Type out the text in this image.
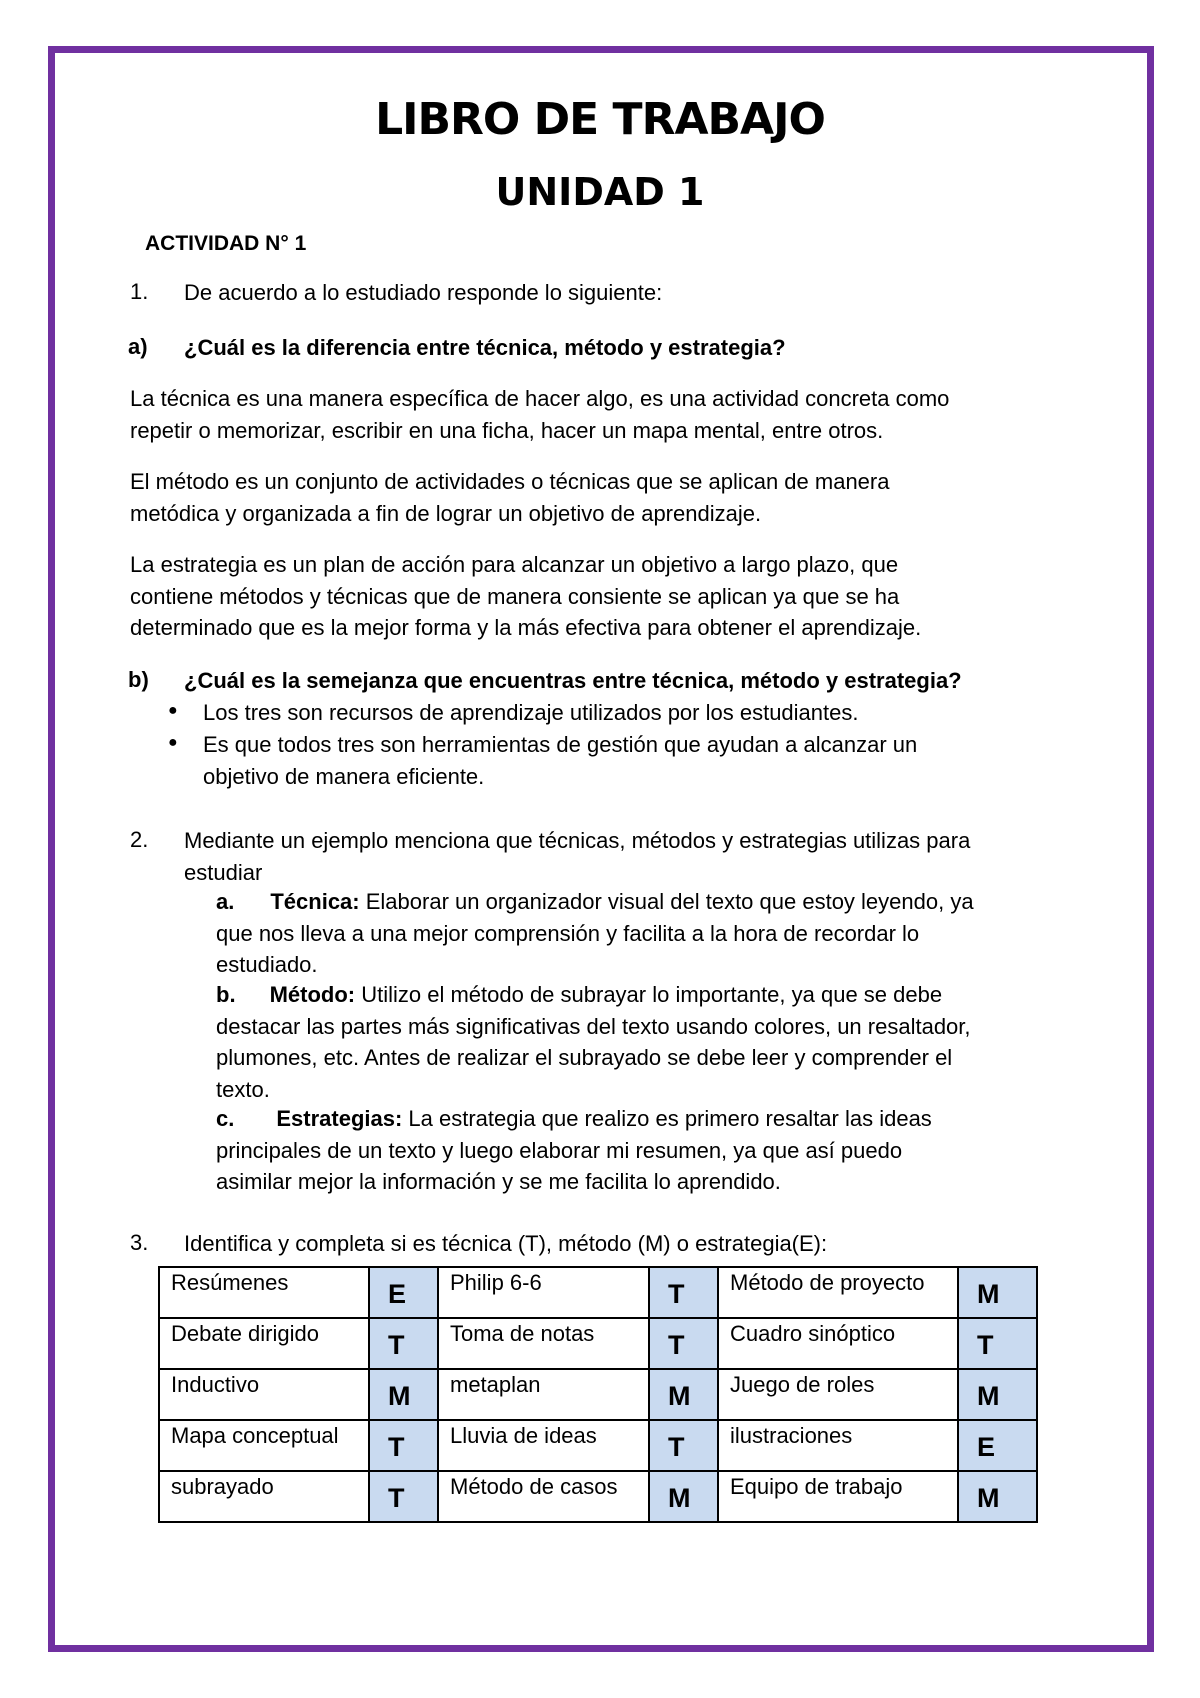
LIBRO DE TRABAJO
UNIDAD 1
ACTIVIDAD N° 1
1. De acuerdo a lo estudiado responde lo siguiente:
a) ¿Cuál es la diferencia entre técnica, método y estrategia?
La técnica es una manera específica de hacer algo, es una actividad concreta como
repetir o memorizar, escribir en una ficha, hacer un mapa mental, entre otros.
El método es un conjunto de actividades o técnicas que se aplican de manera
metódica y organizada a fin de lograr un objetivo de aprendizaje.
La estrategia es un plan de acción para alcanzar un objetivo a largo plazo, que
contiene métodos y técnicas que de manera consiente se aplican ya que se ha
determinado que es la mejor forma y la más efectiva para obtener el aprendizaje.
b) ¿Cuál es la semejanza que encuentras entre técnica, método y estrategia?
● Los tres son recursos de aprendizaje utilizados por los estudiantes.
● Es que todos tres son herramientas de gestión que ayudan a alcanzar un
objetivo de manera eficiente.
2. Mediante un ejemplo menciona que técnicas, métodos y estrategias utilizas para
estudiar
a. Técnica: Elaborar un organizador visual del texto que estoy leyendo, ya
que nos lleva a una mejor comprensión y facilita a la hora de recordar lo
estudiado.
b. Método: Utilizo el método de subrayar lo importante, ya que se debe
destacar las partes más significativas del texto usando colores, un resaltador,
plumones, etc. Antes de realizar el subrayado se debe leer y comprender el
texto.
c. Estrategias: La estrategia que realizo es primero resaltar las ideas
principales de un texto y luego elaborar mi resumen, ya que así puedo
asimilar mejor la información y se me facilita lo aprendido.
3. Identifica y completa si es técnica (T), método (M) o estrategia(E):
Resúmenes	E	Philip 6-6	T	Método de proyecto	M
Debate dirigido	T	Toma de notas	T	Cuadro sinóptico	T
Inductivo	M	metaplan	M	Juego de roles	M
Mapa conceptual	T	Lluvia de ideas	T	ilustraciones	E
subrayado	T	Método de casos	M	Equipo de trabajo	M
